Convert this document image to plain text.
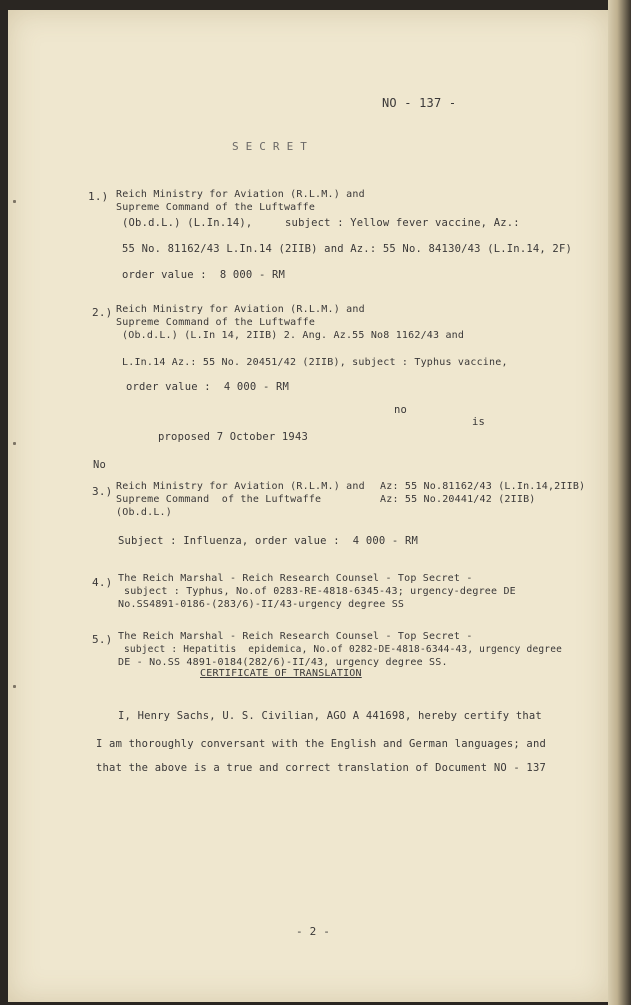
NO - 137 -
S E C R E T
1.) Reich Ministry for Aviation (R.L.M.) and
Supreme Command of the Luftwaffe
(Ob.d.L.) (L.In.14),     subject : Yellow fever vaccine, Az.:
55 No. 81162/43 L.In.14 (2IIB) and Az.: 55 No. 84130/43 (L.In.14, 2F)
order value :  8 000 - RM
2.) Reich Ministry for Aviation (R.L.M.) and
Supreme Command of the Luftwaffe
(Ob.d.L.) (L.In 14, 2IIB) 2. Ang. Az.55 No8 1162/43 and
L.In.14 Az.: 55 No. 20451/42 (2IIB), subject : Typhus vaccine,
order value :  4 000 - RM
no
is
proposed 7 October 1943
No
3.) Reich Ministry for Aviation (R.L.M.) and
Supreme Command  of the Luftwaffe
(Ob.d.L.)
Az: 55 No.81162/43 (L.In.14,2IIB)
Az: 55 No.20441/42 (2IIB)
Subject : Influenza, order value :  4 000 - RM
4.) The Reich Marshal - Reich Research Counsel - Top Secret -
subject : Typhus, No.of 0283-RE-4818-6345-43; urgency-degree DE
No.SS4891-0186-(283/6)-II/43-urgency degree SS
5.) The Reich Marshal - Reich Research Counsel - Top Secret -
subject : Hepatitis  epidemica, No.of 0282-DE-4818-6344-43, urgency degree
DE - No.SS 4891-0184(282/6)-II/43, urgency degree SS.
CERTIFICATE OF TRANSLATION
I, Henry Sachs, U. S. Civilian, AGO A 441698, hereby certify that
I am thoroughly conversant with the English and German languages; and
that the above is a true and correct translation of Document NO - 137
- 2 -
